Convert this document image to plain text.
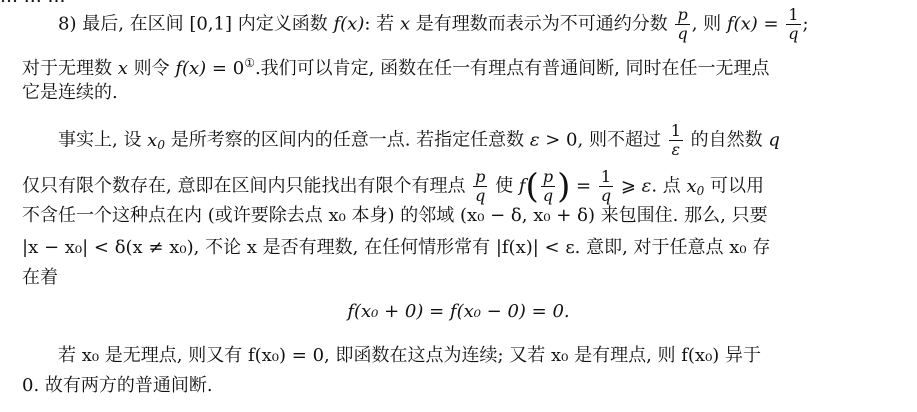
8) 最后, 在区间 [0,1] 内定义函数 f(x): 若 x 是有理数而表示为不可通约分数 $\frac{p}{q}$ , 则 $f(x) = \frac{1}{q}$ ;
对于无理数 x 则令 f(x) = 0①.我们可以肯定, 函数在任一有理点有普通间断, 同时在任一无理点
它是连续的.
事实上, 设 $x_0$ 是所考察的区间内的任意一点. 若指定任意数 ε > 0, 则不超过 $\frac{1}{\varepsilon}$ 的自然数 q
仅只有限个数存在, 意即在区间内只能找出有限个有理点 $\frac{p}{q}$ 使 $f( \frac{p}{q}$ ) = $\frac{1}{q}$ ⩾ ε. 点 $x_0$ 可以用
不含任一个这种点在内 (或许要除去点 x₀ 本身) 的邻域 (x₀ − δ, x₀ + δ) 来包围住. 那么, 只要
|x − x₀| < δ(x ≠ x₀), 不论 x 是否有理数, 在任何情形常有 |f(x)| < ε. 意即, 对于任意点 x₀ 存
在着
f(x₀ + 0) = f(x₀ − 0) = 0.
若 x₀ 是无理点, 则又有 f(x₀) = 0, 即函数在这点为连续; 又若 x₀ 是有理点, 则 f(x₀) 异于
0. 故有两方的普通间断.
